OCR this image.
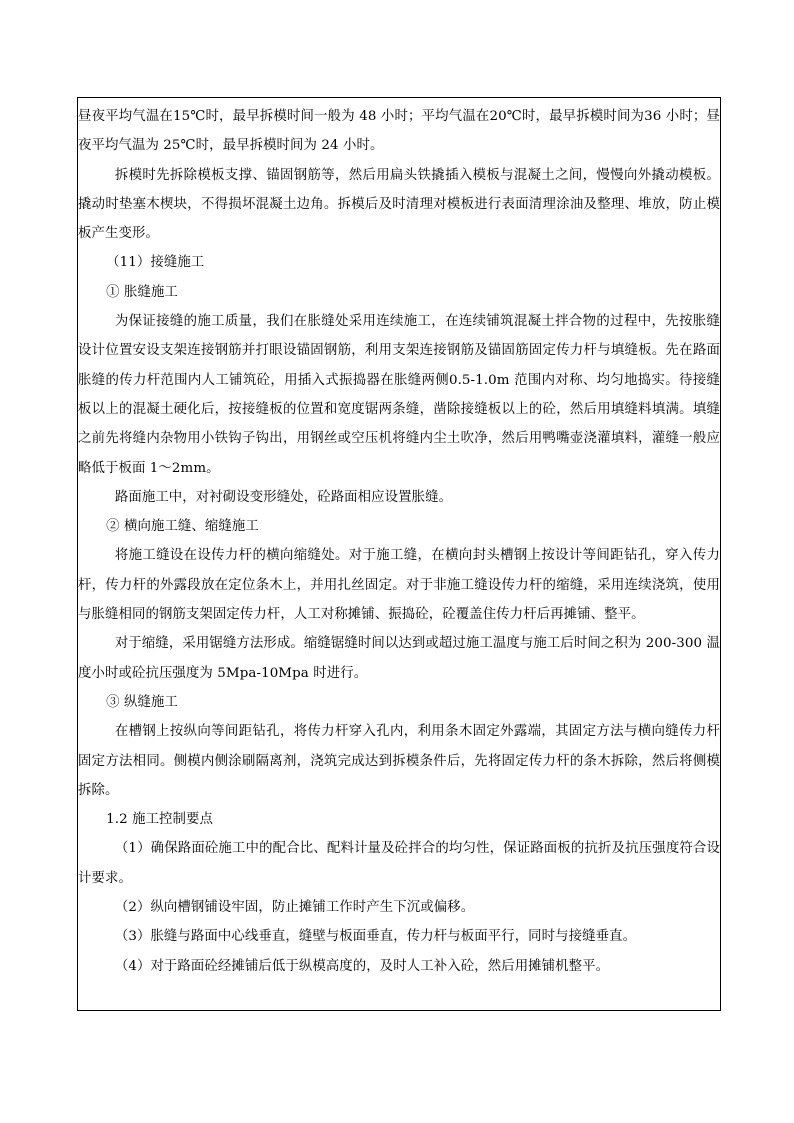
昼夜平均气温在15℃时，最早拆模时间一般为 48 小时；平均气温在20℃时，最早拆模时间为36 小时；昼夜平均气温为 25℃时，最早拆模时间为 24 小时。

拆模时先拆除模板支撑、锚固钢筋等，然后用扁头铁撬插入模板与混凝土之间，慢慢向外撬动模板。撬动时垫塞木楔块，不得损坏混凝土边角。拆模后及时清理对模板进行表面清理涂油及整理、堆放，防止模板产生变形。

（11）接缝施工

① 胀缝施工

为保证接缝的施工质量，我们在胀缝处采用连续施工，在连续铺筑混凝土拌合物的过程中，先按胀缝设计位置安设支架连接钢筋并打眼设锚固钢筋，利用支架连接钢筋及锚固筋固定传力杆与填缝板。先在路面胀缝的传力杆范围内人工铺筑砼，用插入式振捣器在胀缝两侧0.5-1.0m 范围内对称、均匀地捣实。待接缝板以上的混凝土硬化后，按接缝板的位置和宽度锯两条缝，凿除接缝板以上的砼，然后用填缝料填满。填缝之前先将缝内杂物用小铁钩子钩出，用钢丝或空压机将缝内尘土吹净，然后用鸭嘴壶浇灌填料，灌缝一般应略低于板面 1～2mm。

路面施工中，对衬砌设变形缝处，砼路面相应设置胀缝。

② 横向施工缝、缩缝施工

将施工缝设在设传力杆的横向缩缝处。对于施工缝，在横向封头槽钢上按设计等间距钻孔，穿入传力杆，传力杆的外露段放在定位条木上，并用扎丝固定。对于非施工缝设传力杆的缩缝，采用连续浇筑，使用与胀缝相同的钢筋支架固定传力杆，人工对称摊铺、振捣砼，砼覆盖住传力杆后再摊铺、整平。

对于缩缝，采用锯缝方法形成。缩缝锯缝时间以达到或超过施工温度与施工后时间之积为 200-300 温度小时或砼抗压强度为 5Mpa-10Mpa 时进行。

③ 纵缝施工

在槽钢上按纵向等间距钻孔，将传力杆穿入孔内，利用条木固定外露端，其固定方法与横向缝传力杆固定方法相同。侧模内侧涂刷隔离剂，浇筑完成达到拆模条件后，先将固定传力杆的条木拆除，然后将侧模拆除。

1.2 施工控制要点

（1）确保路面砼施工中的配合比、配料计量及砼拌合的均匀性，保证路面板的抗折及抗压强度符合设计要求。

（2）纵向槽钢铺设牢固，防止摊铺工作时产生下沉或偏移。

（3）胀缝与路面中心线垂直，缝壁与板面垂直，传力杆与板面平行，同时与接缝垂直。

（4）对于路面砼经摊铺后低于纵模高度的，及时人工补入砼，然后用摊铺机整平。
